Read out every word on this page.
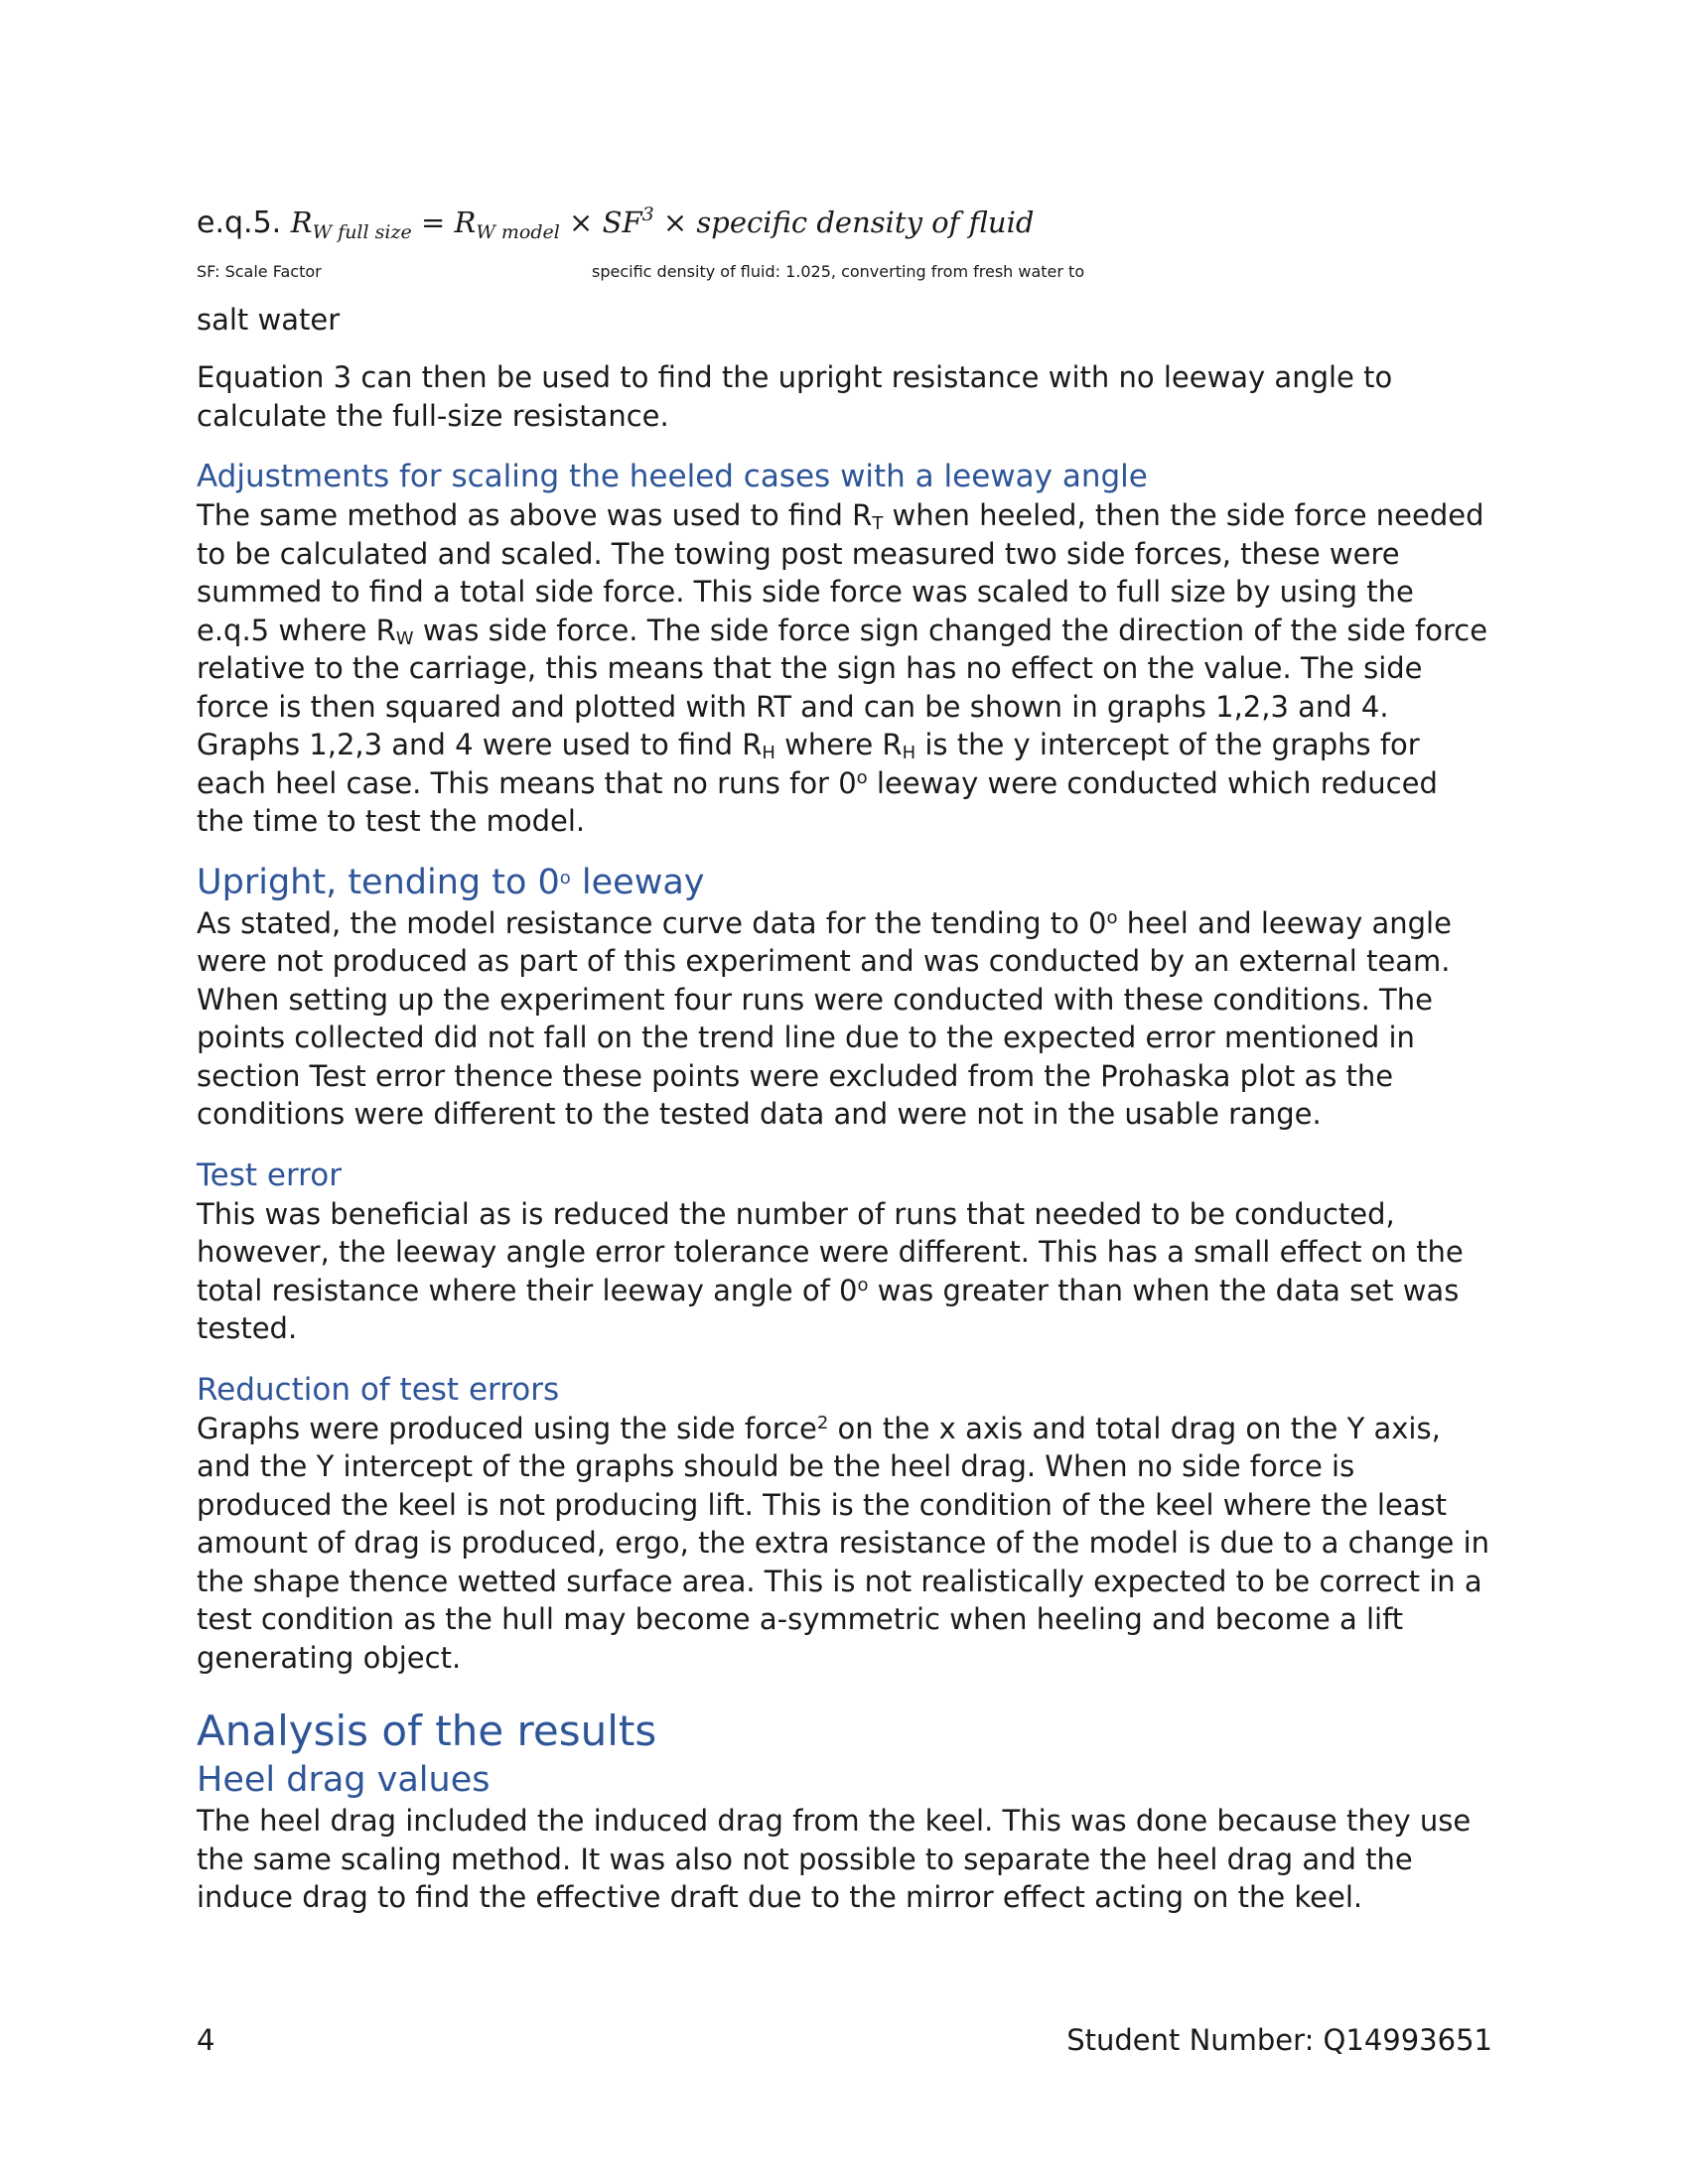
e.q.5. $R_{W full size} = R_{W model} \times SF^3$ × specific density of fluid
SF: Scale Factor	specific density of fluid: 1.025, converting from fresh water to

salt water

Equation 3 can then be used to find the upright resistance with no leeway angle to calculate the full-size resistance.

Adjustments for scaling the heeled cases with a leeway angle

The same method as above was used to find $R_T$ when heeled, then the side force needed to be calculated and scaled. The towing post measured two side forces, these were summed to find a total side force. This side force was scaled to full size by using the e.q.5 where $R_W$ was side force. The side force sign changed the direction of the side force relative to the carriage, this means that the sign has no effect on the value. The side force is then squared and plotted with RT and can be shown in graphs 1,2,3 and 4. Graphs 1,2,3 and 4 were used to find $R_H$ where $R_H$ is the y intercept of the graphs for each heel case. This means that no runs for 0$^o$ leeway were conducted which reduced the time to test the model.

Upright, tending to 0$^o$ leeway

As stated, the model resistance curve data for the tending to 0$^o$ heel and leeway angle were not produced as part of this experiment and was conducted by an external team. When setting up the experiment four runs were conducted with these conditions. The points collected did not fall on the trend line due to the expected error mentioned in section Test error thence these points were excluded from the Prohaska plot as the conditions were different to the tested data and were not in the usable range.

Test error

This was beneficial as is reduced the number of runs that needed to be conducted, however, the leeway angle error tolerance were different. This has a small effect on the total resistance where their leeway angle of 0$^o$ was greater than when the data set was tested.

Reduction of test errors

Graphs were produced using the side force$^2$ on the x axis and total drag on the Y axis, and the Y intercept of the graphs should be the heel drag. When no side force is produced the keel is not producing lift. This is the condition of the keel where the least amount of drag is produced, ergo, the extra resistance of the model is due to a change in the shape thence wetted surface area. This is not realistically expected to be correct in a test condition as the hull may become a-symmetric when heeling and become a lift generating object.

Analysis of the results
Heel drag values

The heel drag included the induced drag from the keel. This was done because they use the same scaling method. It was also not possible to separate the heel drag and the induce drag to find the effective draft due to the mirror effect acting on the keel.

4	Student Number: Q14993651
